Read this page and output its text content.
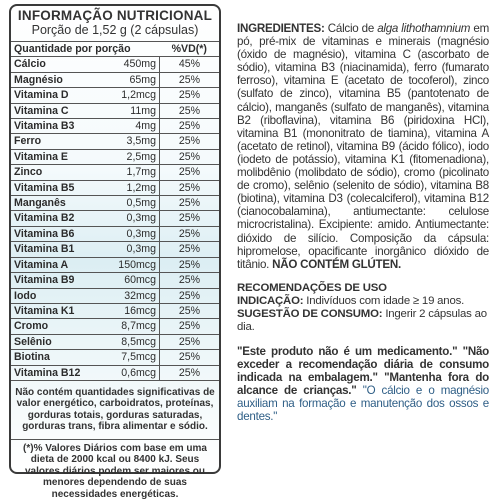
INFORMAÇÃO NUTRICIONAL
Porção de 1,52 g (2 cápsulas)
Quantidade por porção		%VD(*)
Cálcio	450mg	45%
Magnésio	65mg	25%
Vitamina D	1,2mcg	25%
Vitamina C	11mg	25%
Vitamina B3	4mg	25%
Ferro	3,5mg	25%
Vitamina E	2,5mg	25%
Zinco	1,7mg	25%
Vitamina B5	1,2mg	25%
Manganês	0,5mg	25%
Vitamina B2	0,3mg	25%
Vitamina B6	0,3mg	25%
Vitamina B1	0,3mg	25%
Vitamina A	150mcg	25%
Vitamina B9	60mcg	25%
Iodo	32mcg	25%
Vitamina K1	16mcg	25%
Cromo	8,7mcg	25%
Selênio	8,5mcg	25%
Biotina	7,5mcg	25%
Vitamina B12	0,6mcg	25%
Não contém quantidades significativas de valor energético, carboidratos, proteínas, gorduras totais, gorduras saturadas, gorduras trans, fibra alimentar e sódio.
(*)% Valores Diários com base em uma dieta de 2000 kcal ou 8400 kJ. Seus valores diários podem ser maiores ou menores dependendo de suas necessidades energéticas.

INGREDIENTES: Cálcio de alga lithothamnium em pó, pré-mix de vitaminas e minerais (magnésio (óxido de magnésio), vitamina C (ascorbato de sódio), vitamina B3 (niacinamida), ferro (fumarato ferroso), vitamina E (acetato de tocoferol), zinco (sulfato de zinco), vitamina B5 (pantotenato de cálcio), manganês (sulfato de manganês), vitamina B2 (riboflavina), vitamina B6 (piridoxina HCl), vitamina B1 (mononitrato de tiamina), vitamina A (acetato de retinol), vitamina B9 (ácido fólico), iodo (iodeto de potássio), vitamina K1 (fitomenadiona), molibdênio (molibdato de sódio), cromo (picolinato de cromo), selênio (selenito de sódio), vitamina B8 (biotina), vitamina D3 (colecalciferol), vitamina B12 (cianocobalamina), antiumectante: celulose microcristalina). Excipiente: amido. Antiumectante: dióxido de silício. Composição da cápsula: hipromelose, opacificante inorgânico dióxido de titânio. NÃO CONTÉM GLÚTEN.

RECOMENDAÇÕES DE USO
INDICAÇÃO: Indivíduos com idade ≥ 19 anos.
SUGESTÃO DE CONSUMO: Ingerir 2 cápsulas ao dia.

"Este produto não é um medicamento." "Não exceder a recomendação diária de consumo indicada na embalagem." "Mantenha fora do alcance de crianças." "O cálcio e o magnésio auxiliam na formação e manutenção dos ossos e dentes."
